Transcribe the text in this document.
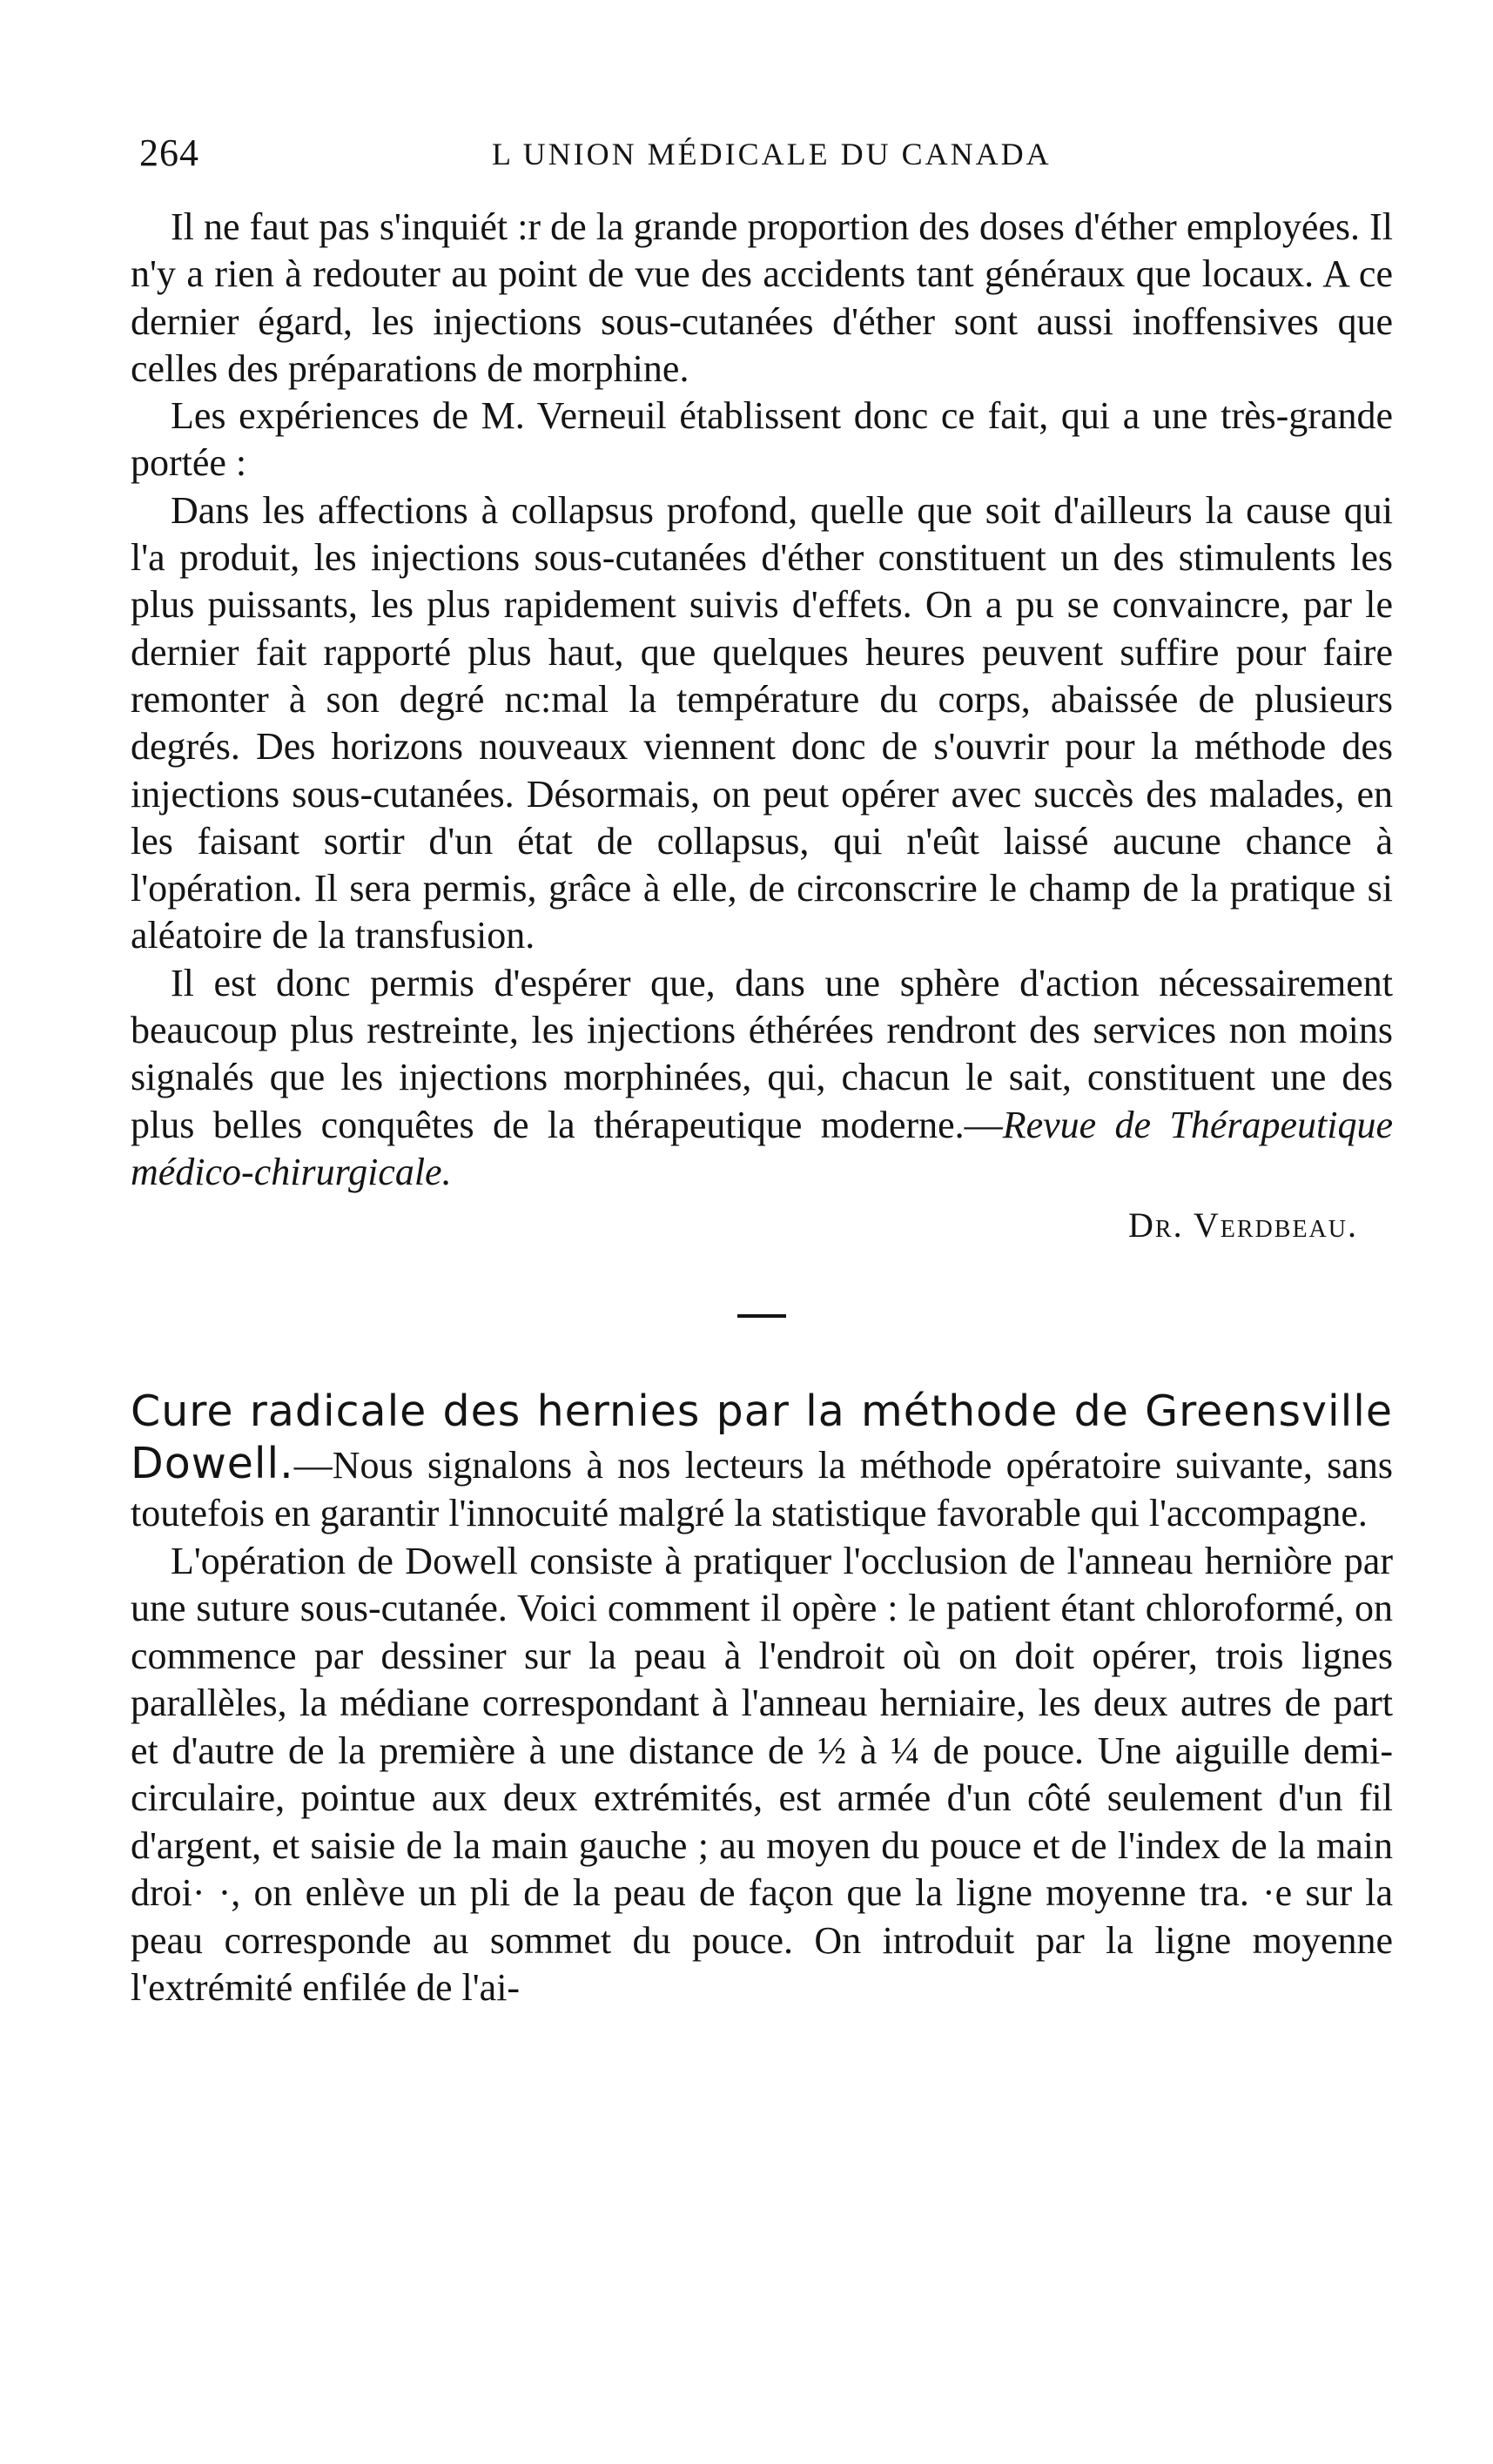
264	L UNION MÉDICALE DU CANADA

Il ne faut pas s'inquiét :r de la grande proportion des doses d'éther employées. Il n'y a rien à redouter au point de vue des accidents tant généraux que locaux. A ce dernier égard, les injections sous-cutanées d'éther sont aussi inoffensives que celles des préparations de morphine.

Les expériences de M. Verneuil établissent donc ce fait, qui a une très-grande portée :

Dans les affections à collapsus profond, quelle que soit d'ailleurs la cause qui l'a produit, les injections sous-cutanées d'éther constituent un des stimulents les plus puissants, les plus rapidement suivis d'effets. On a pu se convaincre, par le dernier fait rapporté plus haut, que quelques heures peuvent suffire pour faire remonter à son degré nc:mal la température du corps, abaissée de plusieurs degrés. Des horizons nouveaux viennent donc de s'ouvrir pour la méthode des injections sous-cutanées. Désormais, on peut opérer avec succès des malades, en les faisant sortir d'un état de collapsus, qui n'eût laissé aucune chance à l'opération. Il sera permis, grâce à elle, de circonscrire le champ de la pratique si aléatoire de la transfusion.

Il est donc permis d'espérer que, dans une sphère d'action nécessairement beaucoup plus restreinte, les injections éthérées rendront des services non moins signalés que les injections morphinées, qui, chacun le sait, constituent une des plus belles conquêtes de la thérapeutique moderne.—Revue de Thérapeutique médico-chirurgicale.

Dr. Verdbeau.

Cure radicale des hernies par la méthode de Greensville Dowell.—Nous signalons à nos lecteurs la méthode opératoire suivante, sans toutefois en garantir l'innocuité malgré la statistique favorable qui l'accompagne.

L'opération de Dowell consiste à pratiquer l'occlusion de l'anneau herniòre par une suture sous-cutanée. Voici comment il opère : le patient étant chloroformé, on commence par dessiner sur la peau à l'endroit où on doit opérer, trois lignes parallèles, la médiane correspondant à l'anneau herniaire, les deux autres de part et d'autre de la première à une distance de ½ à ¼ de pouce. Une aiguille demi-circulaire, pointue aux deux extrémités, est armée d'un côté seulement d'un fil d'argent, et saisie de la main gauche ; au moyen du pouce et de l'index de la main droi· ·, on enlève un pli de la peau de façon que la ligne moyenne tra. ·e sur la peau corresponde au sommet du pouce. On introduit par la ligne moyenne l'extrémité enfilée de l'ai-
